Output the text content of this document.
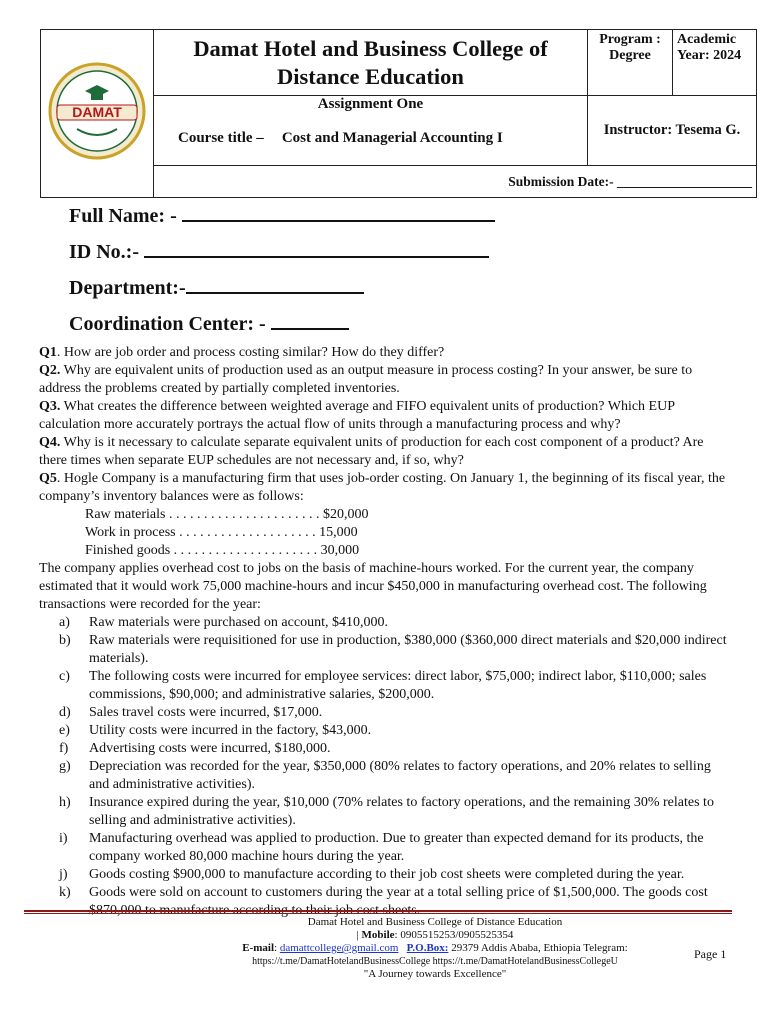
DAMAT	Damat Hotel and Business College of Distance Education	Program : Degree	Academic Year: 2024

	Assignment One
Course title – Cost and Managerial Accounting I	Instructor: Tesema G.	
	Submission Date:- ____________________		
Full Name: -
ID No.:-
Department:-
Coordination Center: -

Q1. How are job order and process costing similar? How do they differ?

Q2. Why are equivalent units of production used as an output measure in process costing? In your answer, be sure to address the problems created by partially completed inventories.

Q3. What creates the difference between weighted average and FIFO equivalent units of production? Which EUP calculation more accurately portrays the actual flow of units through a manufacturing process and why?

Q4. Why is it necessary to calculate separate equivalent units of production for each cost component of a product? Are there times when separate EUP schedules are not necessary and, if so, why?

Q5. Hogle Company is a manufacturing firm that uses job-order costing. On January 1, the beginning of its fiscal year, the company’s inventory balances were as follows:

Raw materials . . . . . . . . . . . . . . . . . . . . . . $20,000
Work in process . . . . . . . . . . . . . . . . . . . . 15,000
Finished goods . . . . . . . . . . . . . . . . . . . . . 30,000

The company applies overhead cost to jobs on the basis of machine-hours worked. For the current year, the company estimated that it would work 75,000 machine-hours and incur $450,000 in manufacturing overhead cost. The following transactions were recorded for the year:

a) Raw materials were purchased on account, $410,000.
b) Raw materials were requisitioned for use in production, $380,000 ($360,000 direct materials and $20,000 indirect materials).
c) The following costs were incurred for employee services: direct labor, $75,000; indirect labor, $110,000; sales commissions, $90,000; and administrative salaries, $200,000.
d) Sales travel costs were incurred, $17,000.
e) Utility costs were incurred in the factory, $43,000.
f) Advertising costs were incurred, $180,000.
g) Depreciation was recorded for the year, $350,000 (80% relates to factory operations, and 20% relates to selling and administrative activities).
h) Insurance expired during the year, $10,000 (70% relates to factory operations, and the remaining 30% relates to selling and administrative activities).
i) Manufacturing overhead was applied to production. Due to greater than expected demand for its products, the company worked 80,000 machine hours during the year.
j) Goods costing $900,000 to manufacture according to their job cost sheets were completed during the year.
k) Goods were sold on account to customers during the year at a total selling price of $1,500,000. The goods cost
Damat Hotel and Business College of Distance Education
| Mobile: 0905515253/0905525354
E-mail: damattcollege@gmail.com P.O.Box: 29379 Addis Ababa, Ethiopia Telegram:
https://t.me/DamatHotelandBusinessCollege https://t.me/DamatHotelandBusinessCollegeU
"A Journey towards Excellence"
Page 1
